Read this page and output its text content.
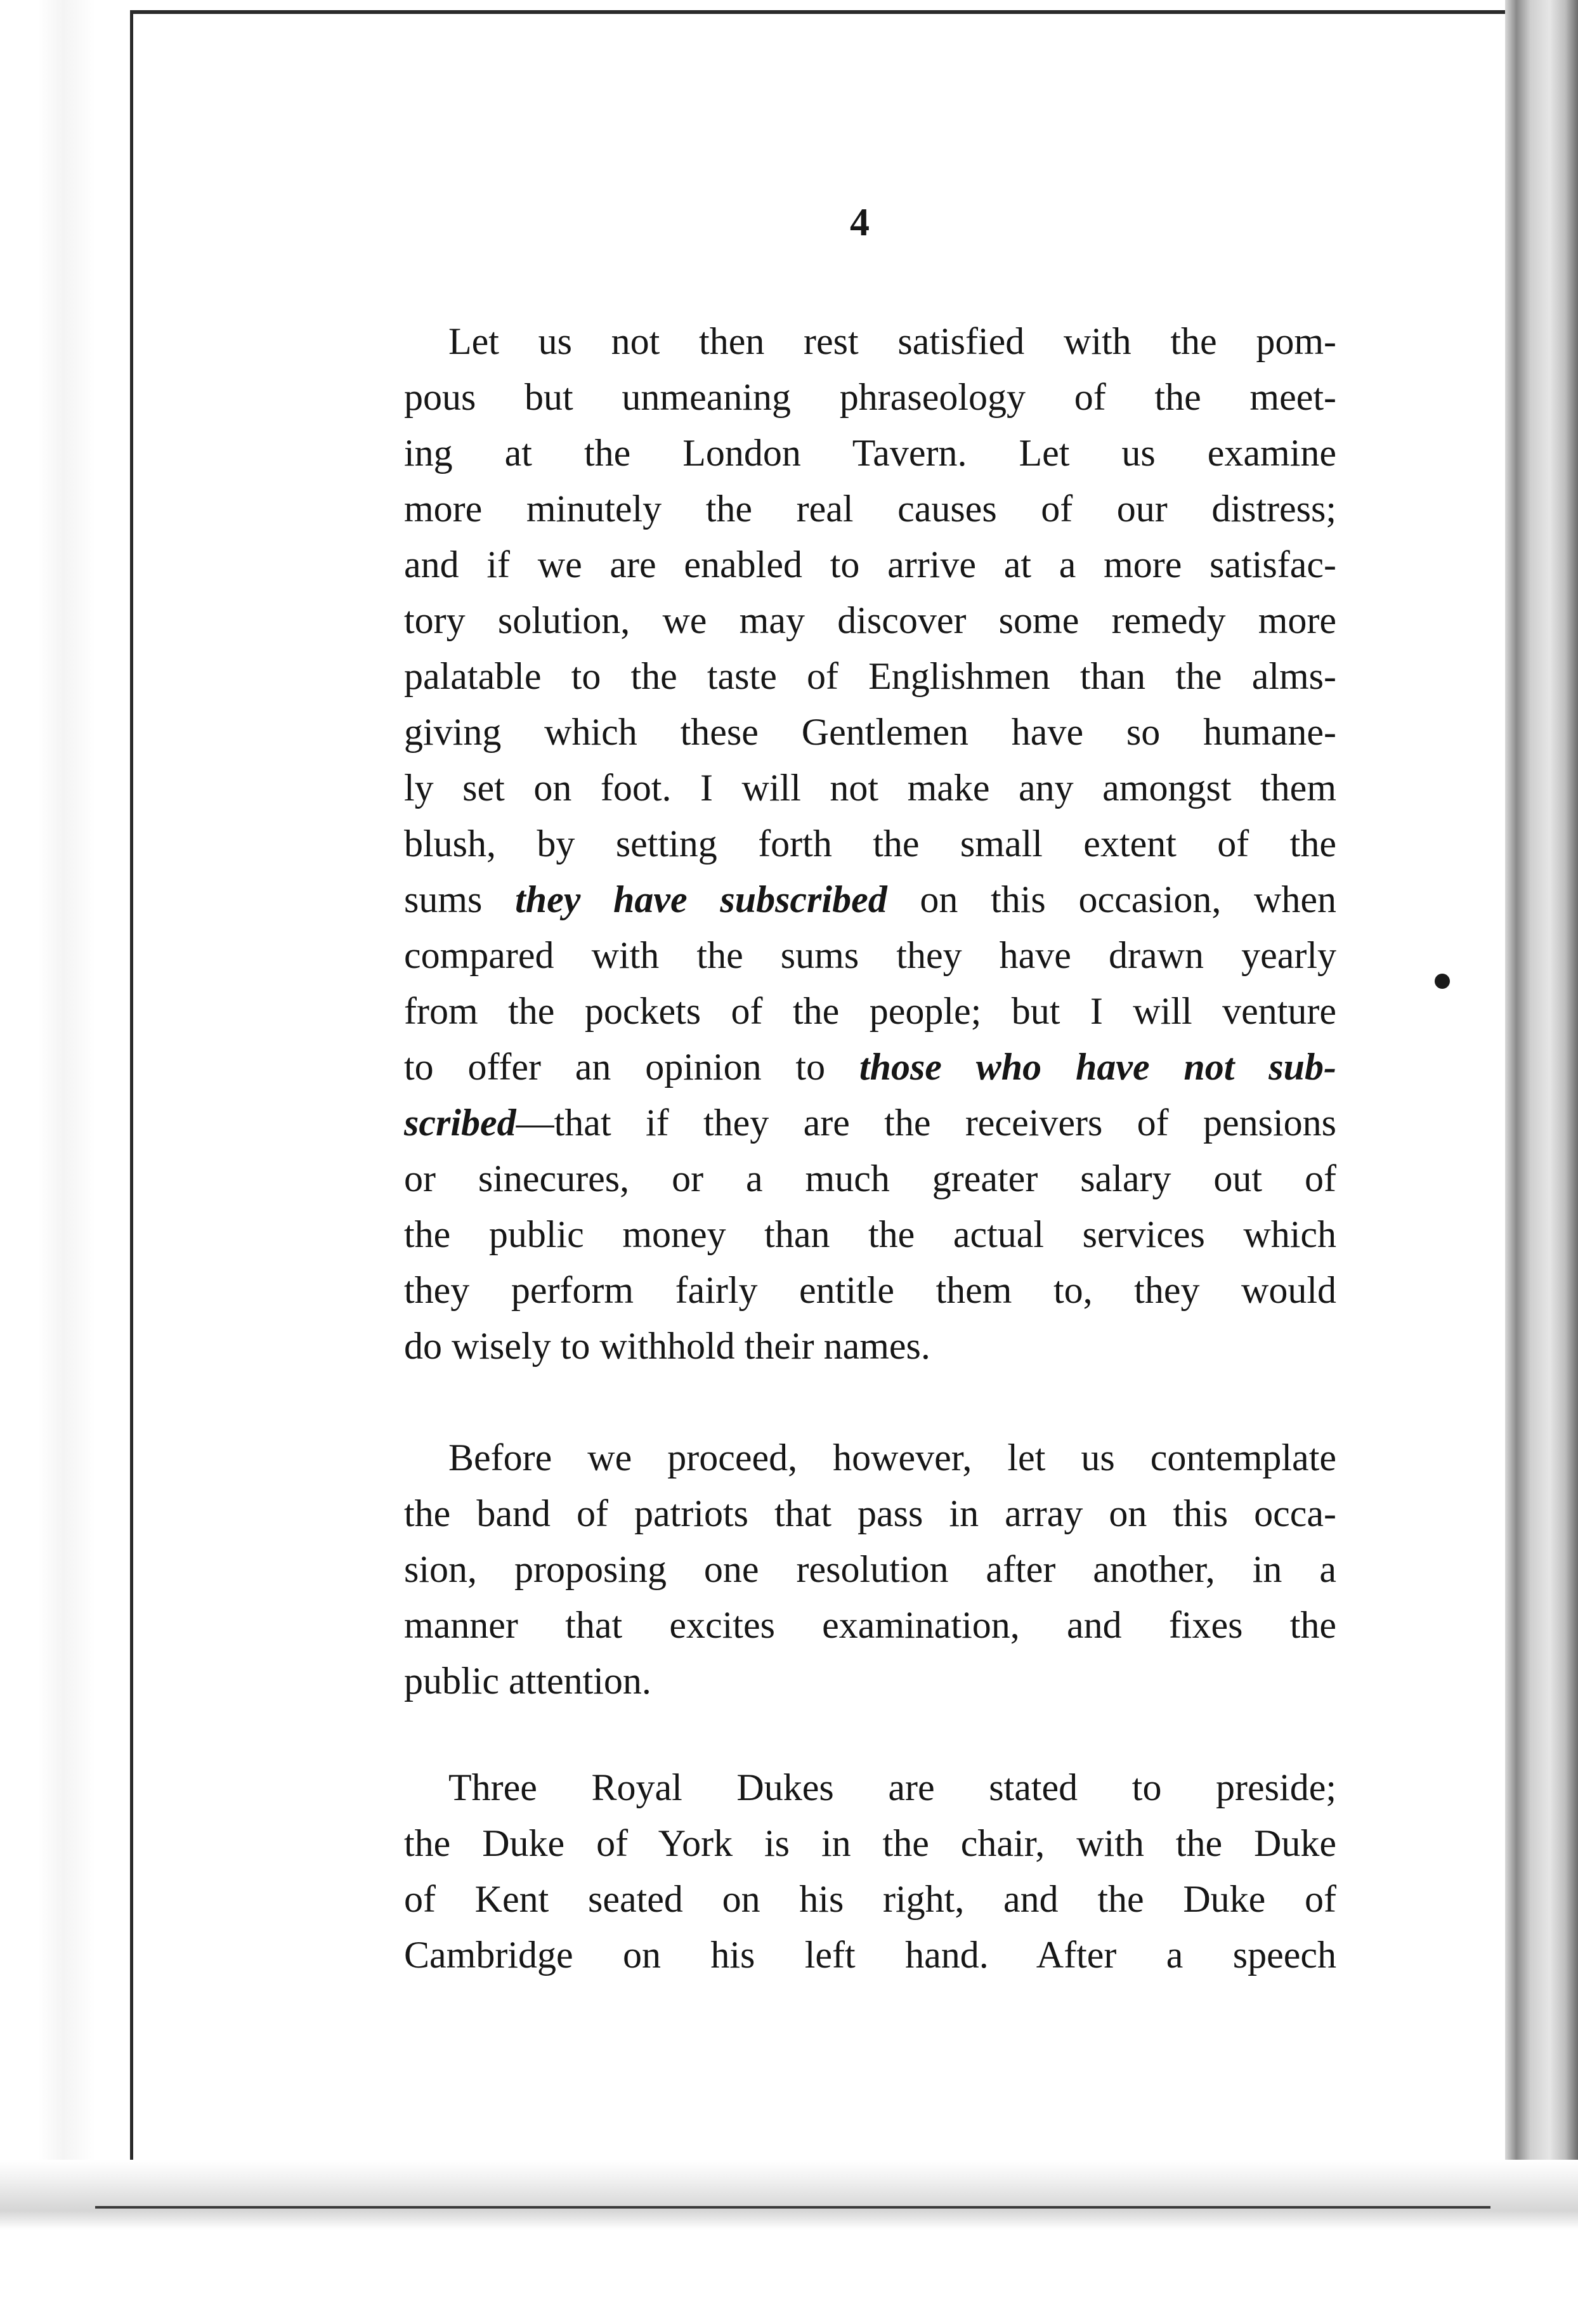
4
Let us not then rest satisfied with the pom-
pous but unmeaning phraseology of the meet-
ing at the London Tavern. Let us examine
more minutely the real causes of our distress;
and if we are enabled to arrive at a more satisfac-
tory solution, we may discover some remedy more
palatable to the taste of Englishmen than the alms-
giving which these Gentlemen have so humane-
ly set on foot. I will not make any amongst them
blush, by setting forth the small extent of the
sums they have subscribed on this occasion, when
compared with the sums they have drawn yearly
from the pockets of the people; but I will venture
to offer an opinion to those who have not sub-
scribed—that if they are the receivers of pensions
or sinecures, or a much greater salary out of
the public money than the actual services which
they perform fairly entitle them to, they would
do wisely to withhold their names.
Before we proceed, however, let us contemplate
the band of patriots that pass in array on this occa-
sion, proposing one resolution after another, in a
manner that excites examination, and fixes the
public attention.
Three Royal Dukes are stated to preside;
the Duke of York is in the chair, with the Duke
of Kent seated on his right, and the Duke of
Cambridge on his left hand. After a speech
